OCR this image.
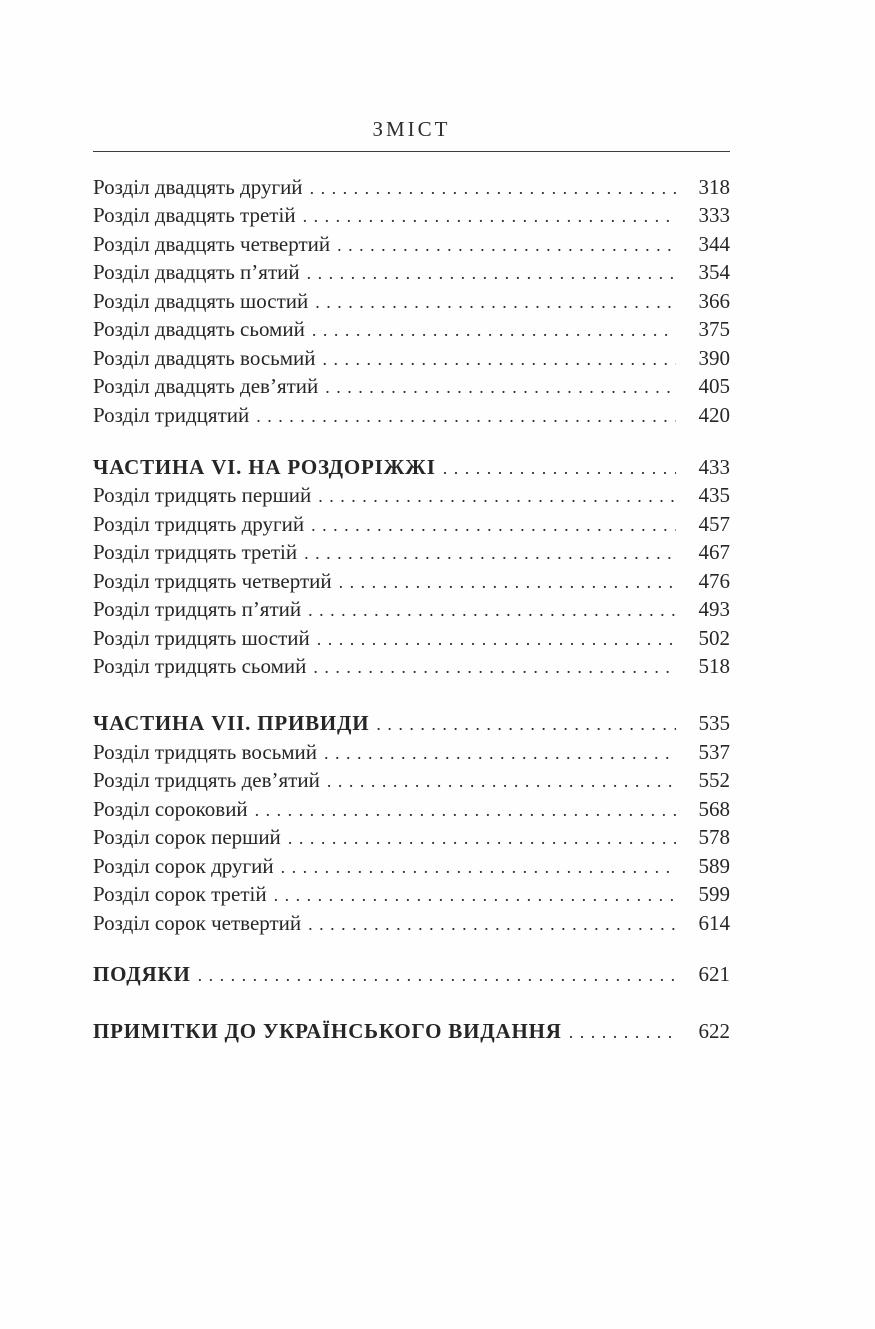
ЗМІСТ
Розділ двадцять другий .....	318
Розділ двадцять третій .....	333
Розділ двадцять четвертий .....	344
Розділ двадцять п’ятий .....	354
Розділ двадцять шостий .....	366
Розділ двадцять сьомий .....	375
Розділ двадцять восьмий .....	390
Розділ двадцять дев’ятий .....	405
Розділ тридцятий .....	420
ЧАСТИНА VI. НА РОЗДОРІЖЖІ .....	433
Розділ тридцять перший .....	435
Розділ тридцять другий .....	457
Розділ тридцять третій .....	467
Розділ тридцять четвертий .....	476
Розділ тридцять п’ятий .....	493
Розділ тридцять шостий .....	502
Розділ тридцять сьомий .....	518
ЧАСТИНА VII. ПРИВИДИ .....	535
Розділ тридцять восьмий .....	537
Розділ тридцять дев’ятий .....	552
Розділ сороковий .....	568
Розділ сорок перший .....	578
Розділ сорок другий .....	589
Розділ сорок третій .....	599
Розділ сорок четвертий .....	614
ПОДЯКИ .....	621
ПРИМІТКИ ДО УКРАЇНСЬКОГО ВИДАННЯ .....	622
